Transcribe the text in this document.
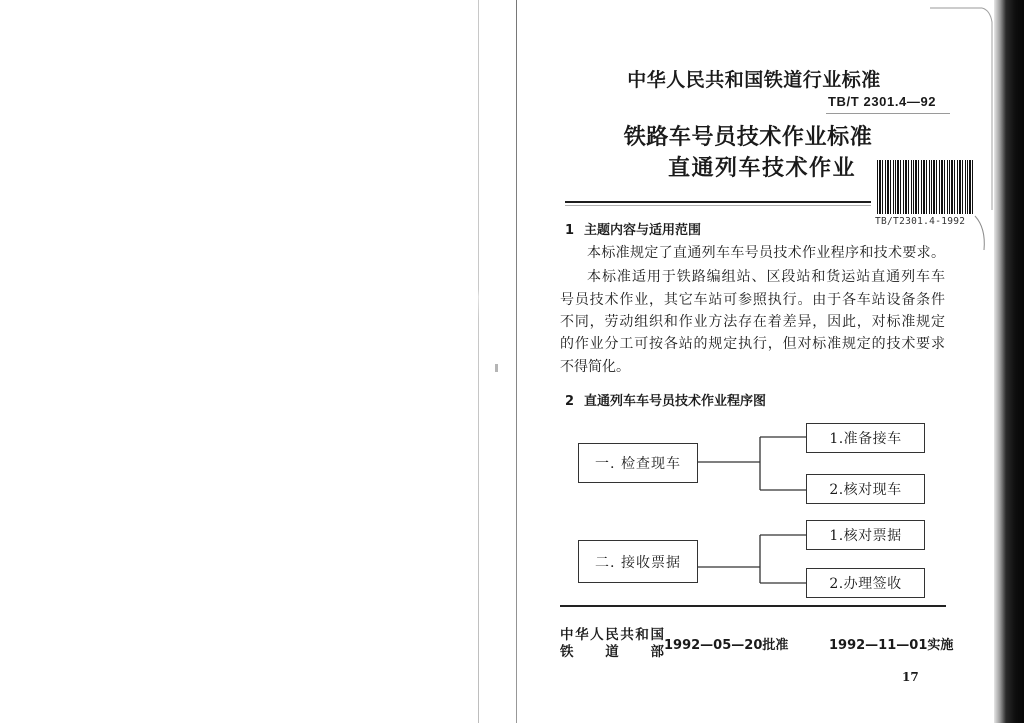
中华人民共和国铁道行业标准
TB/T 2301.4—92
铁路车号员技术作业标准
直通列车技术作业
TB/T2301.4-1992
1 主题内容与适用范围
本标准规定了直通列车车号员技术作业程序和技术要求。
本标准适用于铁路编组站、区段站和货运站直通列车车
号员技术作业，其它车站可参照执行。由于各车站设备条件
不同，劳动组织和作业方法存在着差异，因此，对标准规定
的作业分工可按各站的规定执行，但对标准规定的技术要求
不得简化。
2 直通列车车号员技术作业程序图
一. 检查现车
1.准备接车
2.核对现车
二. 接收票据
1.核对票据
2.办理签收
中华人民共和国
铁道部 1992—05—20批准	1992—11—01实施
17
